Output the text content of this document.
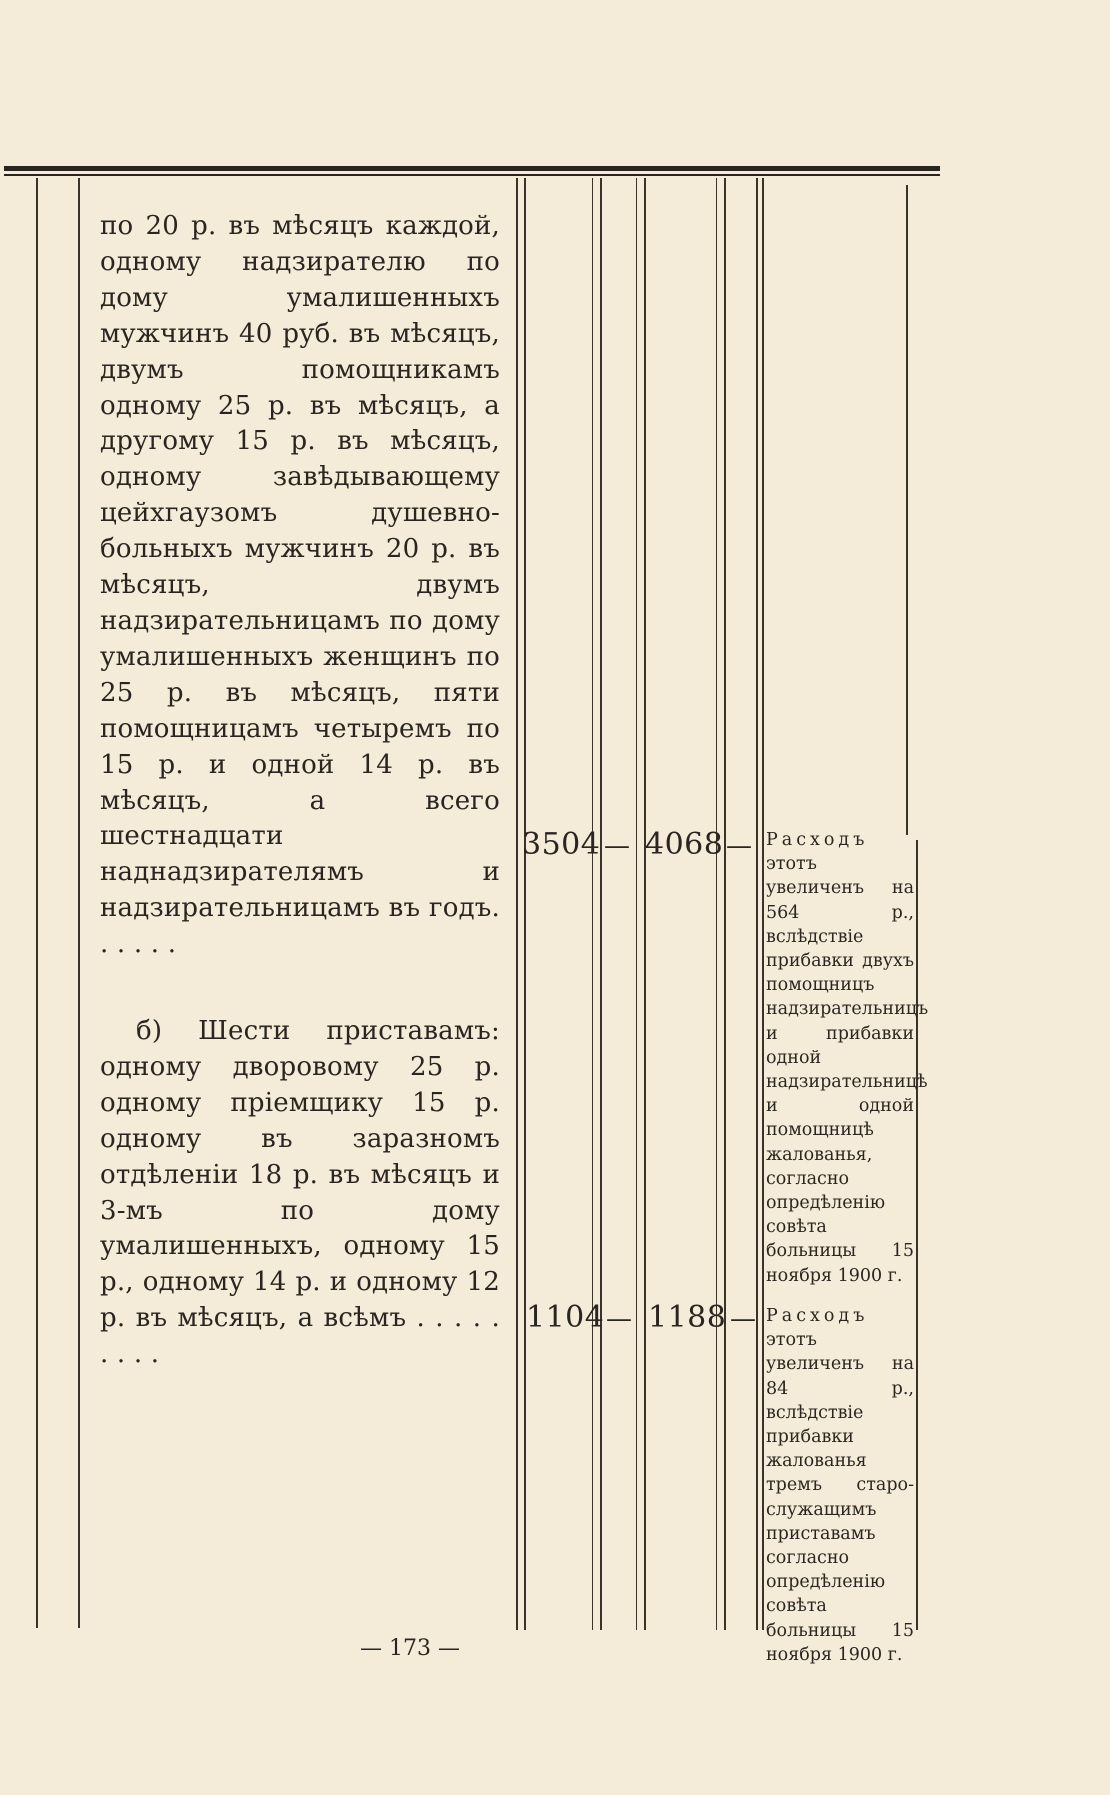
по 20 р. въ мѣсяцъ каждой, одному надзирателю по дому умалишенныхъ мужчинъ 40 руб. въ мѣсяцъ, двумъ помощникамъ одному 25 р. въ мѣсяцъ, а другому 15 р. въ мѣсяцъ, одному завѣдывающему цейхгаузомъ душевно-больныхъ мужчинъ 20 р. въ мѣсяцъ, двумъ надзирательницамъ по дому умалишенныхъ женщинъ по 25 р. въ мѣсяцъ, пяти помощницамъ четыремъ по 15 р. и одной 14 р. въ мѣсяцъ, а всего шестнадцати наднадзирателямъ и надзирательницамъ въ годъ. . . . . .

3504 — 4068 — Расходъ
этотъ увеличенъ на 564 р., вслѣдствіе прибавки двухъ помощницъ надзирательницъ и прибавки одной надзирательницѣ и одной помощницѣ жалованья, согласно опредѣленію совѣта больницы 15 ноября 1900 г.

б) Шести приставамъ: одному дворовому 25 р. одному пріемщику 15 р. одному въ заразномъ отдѣленіи 18 р. въ мѣсяцъ и 3-мъ по дому умалишенныхъ, одному 15 р., одному 14 р. и одному 12 р. въ мѣсяцъ, а всѣмъ . . . . . . . . .

1104 — 1188 — Расходъ
этотъ увеличенъ на 84 р., вслѣдствіе прибавки жалованья тремъ старо-служащимъ приставамъ согласно опредѣленію совѣта больницы 15 ноября 1900 г.
— 173 —
